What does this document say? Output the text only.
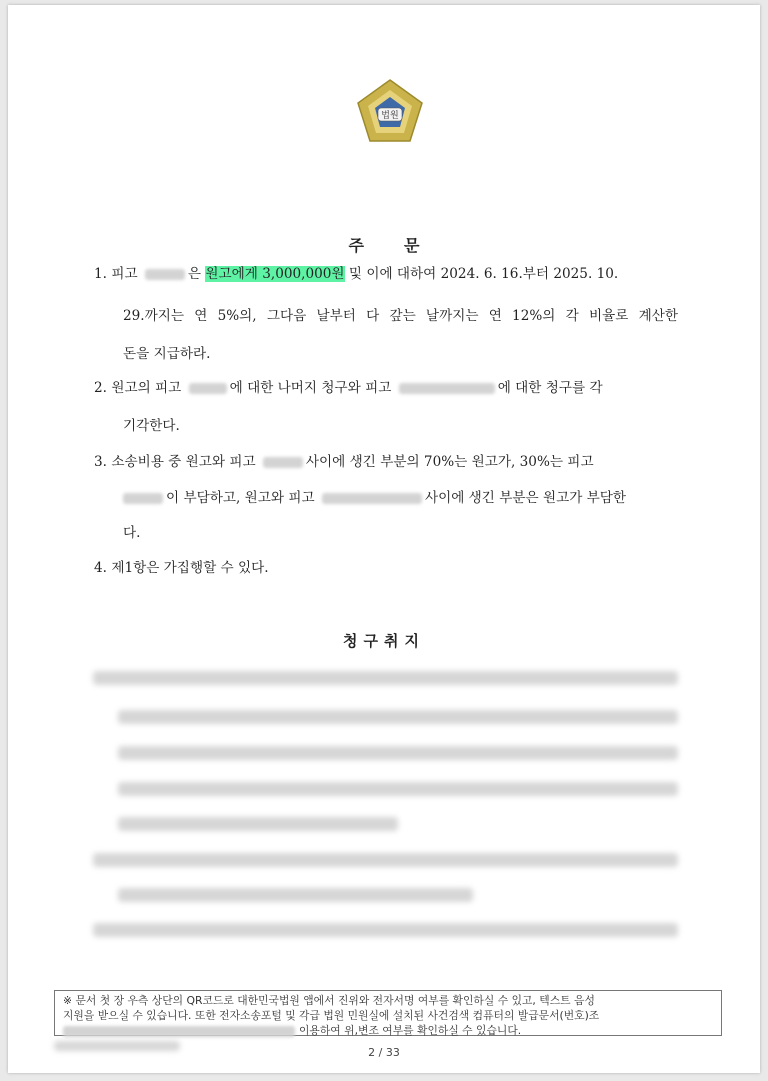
법원
주	문
1. 피고	은 원고에게 3,000,000원 및 이에 대하여 2024. 6. 16.부터 2025. 10.
29.까지는 연 5%의, 그다음 날부터 다 갚는 날까지는 연 12%의 각 비율로 계산한
돈을 지급하라.
2. 원고의 피고	에 대한 나머지 청구와 피고	에 대한 청구를 각
기각한다.
3. 소송비용 중 원고와 피고	사이에 생긴 부분의 70%는 원고가, 30%는 피고
이 부담하고, 원고와 피고	사이에 생긴 부분은 원고가 부담한
다.
4. 제1항은 가집행할 수 있다.
청구취지
※ 문서 첫 장 우측 상단의 QR코드로 대한민국법원 앱에서 진위와 전자서명 여부를 확인하실 수 있고, 텍스트 음성
지원을 받으실 수 있습니다. 또한 전자소송포털 및 각급 법원 민원실에 설치된 사건검색 컴퓨터의 발급문서(번호)조
이용하여 위,변조 여부를 확인하실 수 있습니다.
2 / 33
